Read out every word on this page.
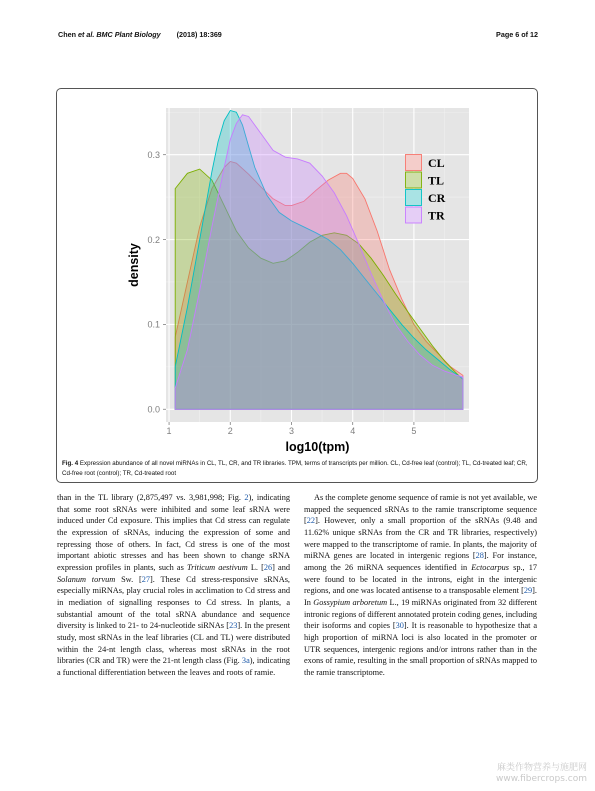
Chen et al. BMC Plant Biology (2018) 18:369	Page 6 of 12
1	2	3	4	5
0.0
0.1
0.2
0.3
log10(tpm)
density
CL
TL
CR
TR
Fig. 4 Expression abundance of all novel miRNAs in CL, TL, CR, and TR libraries. TPM, terms of transcripts per million. CL, Cd-free leaf (control); TL, Cd-treated leaf; CR, Cd-free root (control); TR, Cd-treated root

than in the TL library (2,875,497 vs. 3,981,998; Fig. 2), indicating that some root sRNAs were inhibited and some leaf sRNA were induced under Cd exposure. This implies that Cd stress can regulate the expression of sRNAs, inducing the expression of some and repressing those of others. In fact, Cd stress is one of the most important abiotic stresses and has been shown to change sRNA expression profiles in plants, such as Triticum aestivum L. [26] and Solanum torvum Sw. [27]. These Cd stress-responsive sRNAs, especially miRNAs, play crucial roles in acclimation to Cd stress and in mediation of signalling responses to Cd stress. In plants, a substantial amount of the total sRNA abundance and sequence diversity is linked to 21- to 24-nucleotide siRNAs [23]. In the present study, most sRNAs in the leaf libraries (CL and TL) were distributed within the 24-nt length class, whereas most sRNAs in the root libraries (CR and TR) were the 21-nt length class (Fig. 3a), indicating a functional differentiation between the leaves and roots of ramie.

As the complete genome sequence of ramie is not yet available, we mapped the sequenced sRNAs to the ramie transcriptome sequence [22]. However, only a small proportion of the sRNAs (9.48 and 11.62% unique sRNAs from the CR and TR libraries, respectively) were mapped to the transcriptome of ramie. In plants, the majority of miRNA genes are located in intergenic regions [28]. For instance, among the 26 miRNA sequences identified in Ectocarpus sp., 17 were found to be located in the introns, eight in the intergenic regions, and one was located antisense to a transposable element [29]. In Gossypium arboretum L., 19 miRNAs originated from 32 different intronic regions of different annotated protein coding genes, including their isoforms and copies [30]. It is reasonable to hypothesize that a high proportion of miRNA loci is also located in the promoter or UTR sequences, intergenic regions and/or introns rather than in the exons of ramie, resulting in the small proportion of sRNAs mapped to the ramie transcriptome.

麻类作物营养与施肥网
www.fibercrops.com
